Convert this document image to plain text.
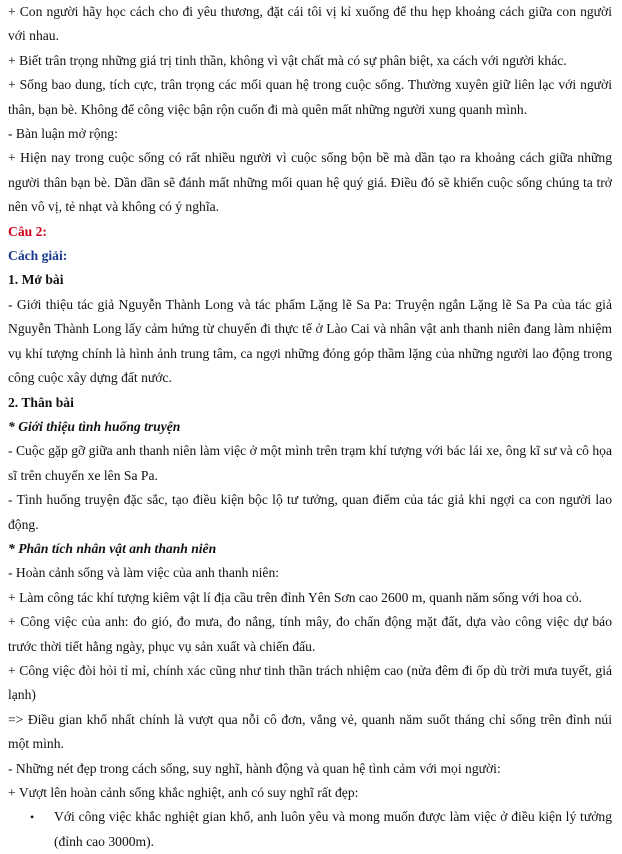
+ Con người hãy học cách cho đi yêu thương, đặt cái tôi vị kỉ xuống để thu hẹp khoảng cách giữa con người với nhau.

+ Biết trân trọng những giá trị tinh thần, không vì vật chất mà có sự phân biệt, xa cách với người khác.

+ Sống bao dung, tích cực, trân trọng các mối quan hệ trong cuộc sống. Thường xuyên giữ liên lạc với người thân, bạn bè. Không để công việc bận rộn cuốn đi mà quên mất những người xung quanh mình.

- Bàn luận mở rộng:

+ Hiện nay trong cuộc sống có rất nhiều người vì cuộc sống bộn bề mà dần tạo ra khoảng cách giữa những người thân bạn bè. Dần dần sẽ đánh mất những mối quan hệ quý giá. Điều đó sẽ khiến cuộc sống chúng ta trở nên vô vị, tẻ nhạt và không có ý nghĩa.

Câu 2:

Cách giải:

1. Mở bài

- Giới thiệu tác giả Nguyễn Thành Long và tác phẩm Lặng lẽ Sa Pa: Truyện ngắn Lặng lẽ Sa Pa của tác giả Nguyễn Thành Long lấy cảm hứng từ chuyến đi thực tế ở Lào Cai và nhân vật anh thanh niên đang làm nhiệm vụ khí tượng chính là hình ảnh trung tâm, ca ngợi những đóng góp thầm lặng của những người lao động trong công cuộc xây dựng đất nước.

2. Thân bài

* Giới thiệu tình huống truyện

- Cuộc gặp gỡ giữa anh thanh niên làm việc ở một mình trên trạm khí tượng với bác lái xe, ông kĩ sư và cô họa sĩ trên chuyến xe lên Sa Pa.

- Tình huống truyện đặc sắc, tạo điều kiện bộc lộ tư tưởng, quan điểm của tác giả khi ngợi ca con người lao động.

* Phân tích nhân vật anh thanh niên

- Hoàn cảnh sống và làm việc của anh thanh niên:

+ Làm công tác khí tượng kiêm vật lí địa cầu trên đỉnh Yên Sơn cao 2600 m, quanh năm sống với hoa cỏ.

+ Công việc của anh: đo gió, đo mưa, đo nắng, tính mây, đo chấn động mặt đất, dựa vào công việc dự báo trước thời tiết hằng ngày, phục vụ sản xuất và chiến đấu.

+ Công việc đòi hỏi tỉ mỉ, chính xác cũng như tinh thần trách nhiệm cao (nửa đêm đi ốp dù trời mưa tuyết, giá lạnh)

=> Điều gian khổ nhất chính là vượt qua nỗi cô đơn, vắng vẻ, quanh năm suốt tháng chỉ sống trên đỉnh núi một mình.

- Những nét đẹp trong cách sống, suy nghĩ, hành động và quan hệ tình cảm với mọi người:

+ Vượt lên hoàn cảnh sống khắc nghiệt, anh có suy nghĩ rất đẹp:

• Với công việc khắc nghiệt gian khổ, anh luôn yêu và mong muốn được làm việc ở điều kiện lý tưởng (đỉnh cao 3000m).
